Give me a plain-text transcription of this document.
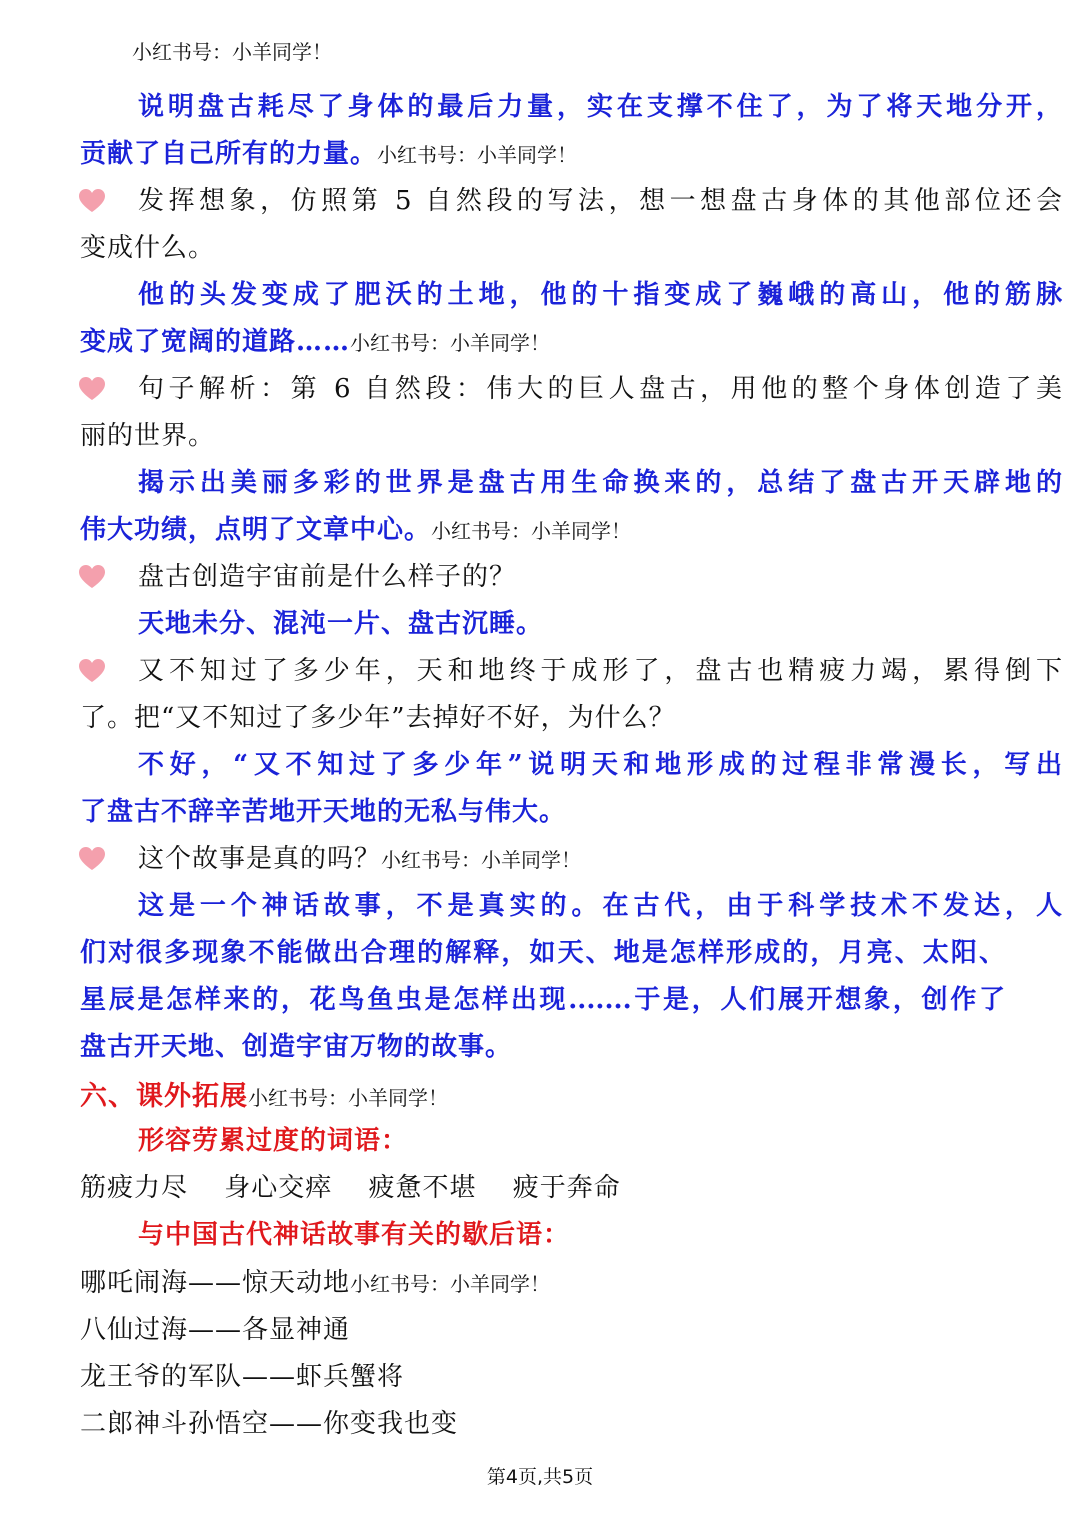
小红书号：小羊同学！
说明盘古耗尽了身体的最后力量，实在支撑不住了，为了将天地分开，
贡献了自己所有的力量。小红书号：小羊同学！
发挥想象，仿照第 5 自然段的写法，想一想盘古身体的其他部位还会
变成什么。
他的头发变成了肥沃的土地，他的十指变成了巍峨的高山，他的筋脉
变成了宽阔的道路……小红书号：小羊同学！
句子解析：第 6 自然段：伟大的巨人盘古，用他的整个身体创造了美
丽的世界。
揭示出美丽多彩的世界是盘古用生命换来的，总结了盘古开天辟地的
伟大功绩，点明了文章中心。小红书号：小羊同学！
盘古创造宇宙前是什么样子的？
天地未分、混沌一片、盘古沉睡。
又不知过了多少年，天和地终于成形了，盘古也精疲力竭，累得倒下
了。把“又不知过了多少年”去掉好不好，为什么？
不好，“又不知过了多少年”说明天和地形成的过程非常漫长，写出
了盘古不辞辛苦地开天地的无私与伟大。
这个故事是真的吗？小红书号：小羊同学！
这是一个神话故事，不是真实的。在古代，由于科学技术不发达，人
们对很多现象不能做出合理的解释，如天、地是怎样形成的，月亮、太阳、
星辰是怎样来的，花鸟鱼虫是怎样出现.......于是，人们展开想象，创作了
盘古开天地、创造宇宙万物的故事。
六、课外拓展小红书号：小羊同学！
形容劳累过度的词语：
筋疲力尽　 身心交瘁　 疲惫不堪　 疲于奔命
与中国古代神话故事有关的歇后语：
哪吒闹海——惊天动地小红书号：小羊同学！
八仙过海——各显神通
龙王爷的军队——虾兵蟹将
二郎神斗孙悟空——你变我也变
第4页,共5页
